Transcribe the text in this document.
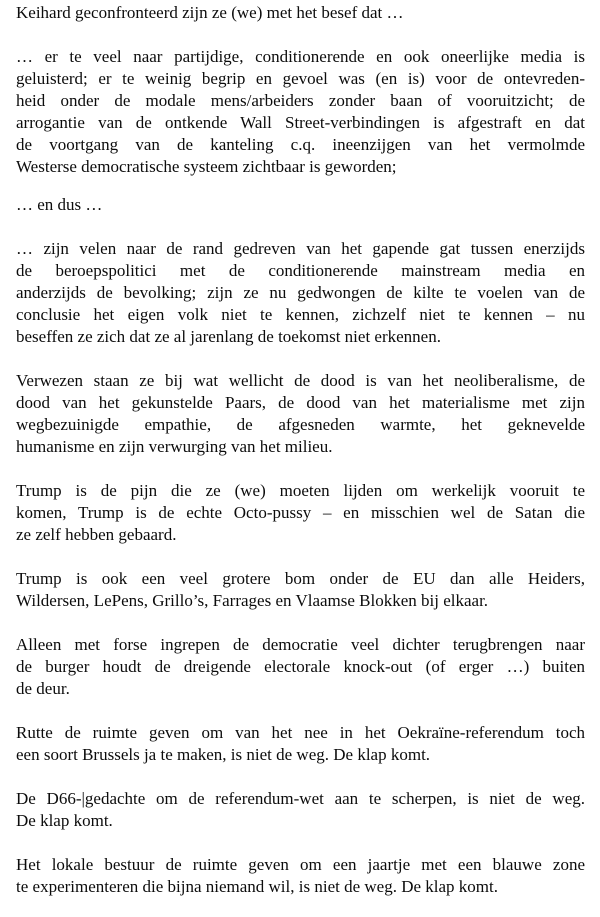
Keihard geconfronteerd zijn ze (we) met het besef dat …

… er te veel naar partijdige, conditionerende en ook oneerlijke media is
geluisterd; er te weinig begrip en gevoel was (en is) voor de ontevreden-
heid onder de modale mens/arbeiders zonder baan of vooruitzicht; de
arrogantie van de ontkende Wall Street-verbindingen is afgestraft en dat
de voortgang van de kanteling c.q. ineenzijgen van het vermolmde
Westerse democratische systeem zichtbaar is geworden;

… en dus …

… zijn velen naar de rand gedreven van het gapende gat tussen enerzijds
de beroepspolitici met de conditionerende mainstream media en
anderzijds de bevolking; zijn ze nu gedwongen de kilte te voelen van de
conclusie het eigen volk niet te kennen, zichzelf niet te kennen – nu
beseffen ze zich dat ze al jarenlang de toekomst niet erkennen.

Verwezen staan ze bij wat wellicht de dood is van het neoliberalisme, de
dood van het gekunstelde Paars, de dood van het materialisme met zijn
wegbezuinigde empathie, de afgesneden warmte, het geknevelde
humanisme en zijn verwurging van het milieu.

Trump is de pijn die ze (we) moeten lijden om werkelijk vooruit te
komen, Trump is de echte Octo-pussy – en misschien wel de Satan die
ze zelf hebben gebaard.

Trump is ook een veel grotere bom onder de EU dan alle Heiders,
Wildersen, LePens, Grillo’s, Farrages en Vlaamse Blokken bij elkaar.

Alleen met forse ingrepen de democratie veel dichter terugbrengen naar
de burger houdt de dreigende electorale knock-out (of erger …) buiten
de deur.

Rutte de ruimte geven om van het nee in het Oekraïne-referendum toch
een soort Brussels ja te maken, is niet de weg. De klap komt.

De D66-|gedachte om de referendum-wet aan te scherpen, is niet de weg.
De klap komt.

Het lokale bestuur de ruimte geven om een jaartje met een blauwe zone
te experimenteren die bijna niemand wil, is niet de weg. De klap komt.
